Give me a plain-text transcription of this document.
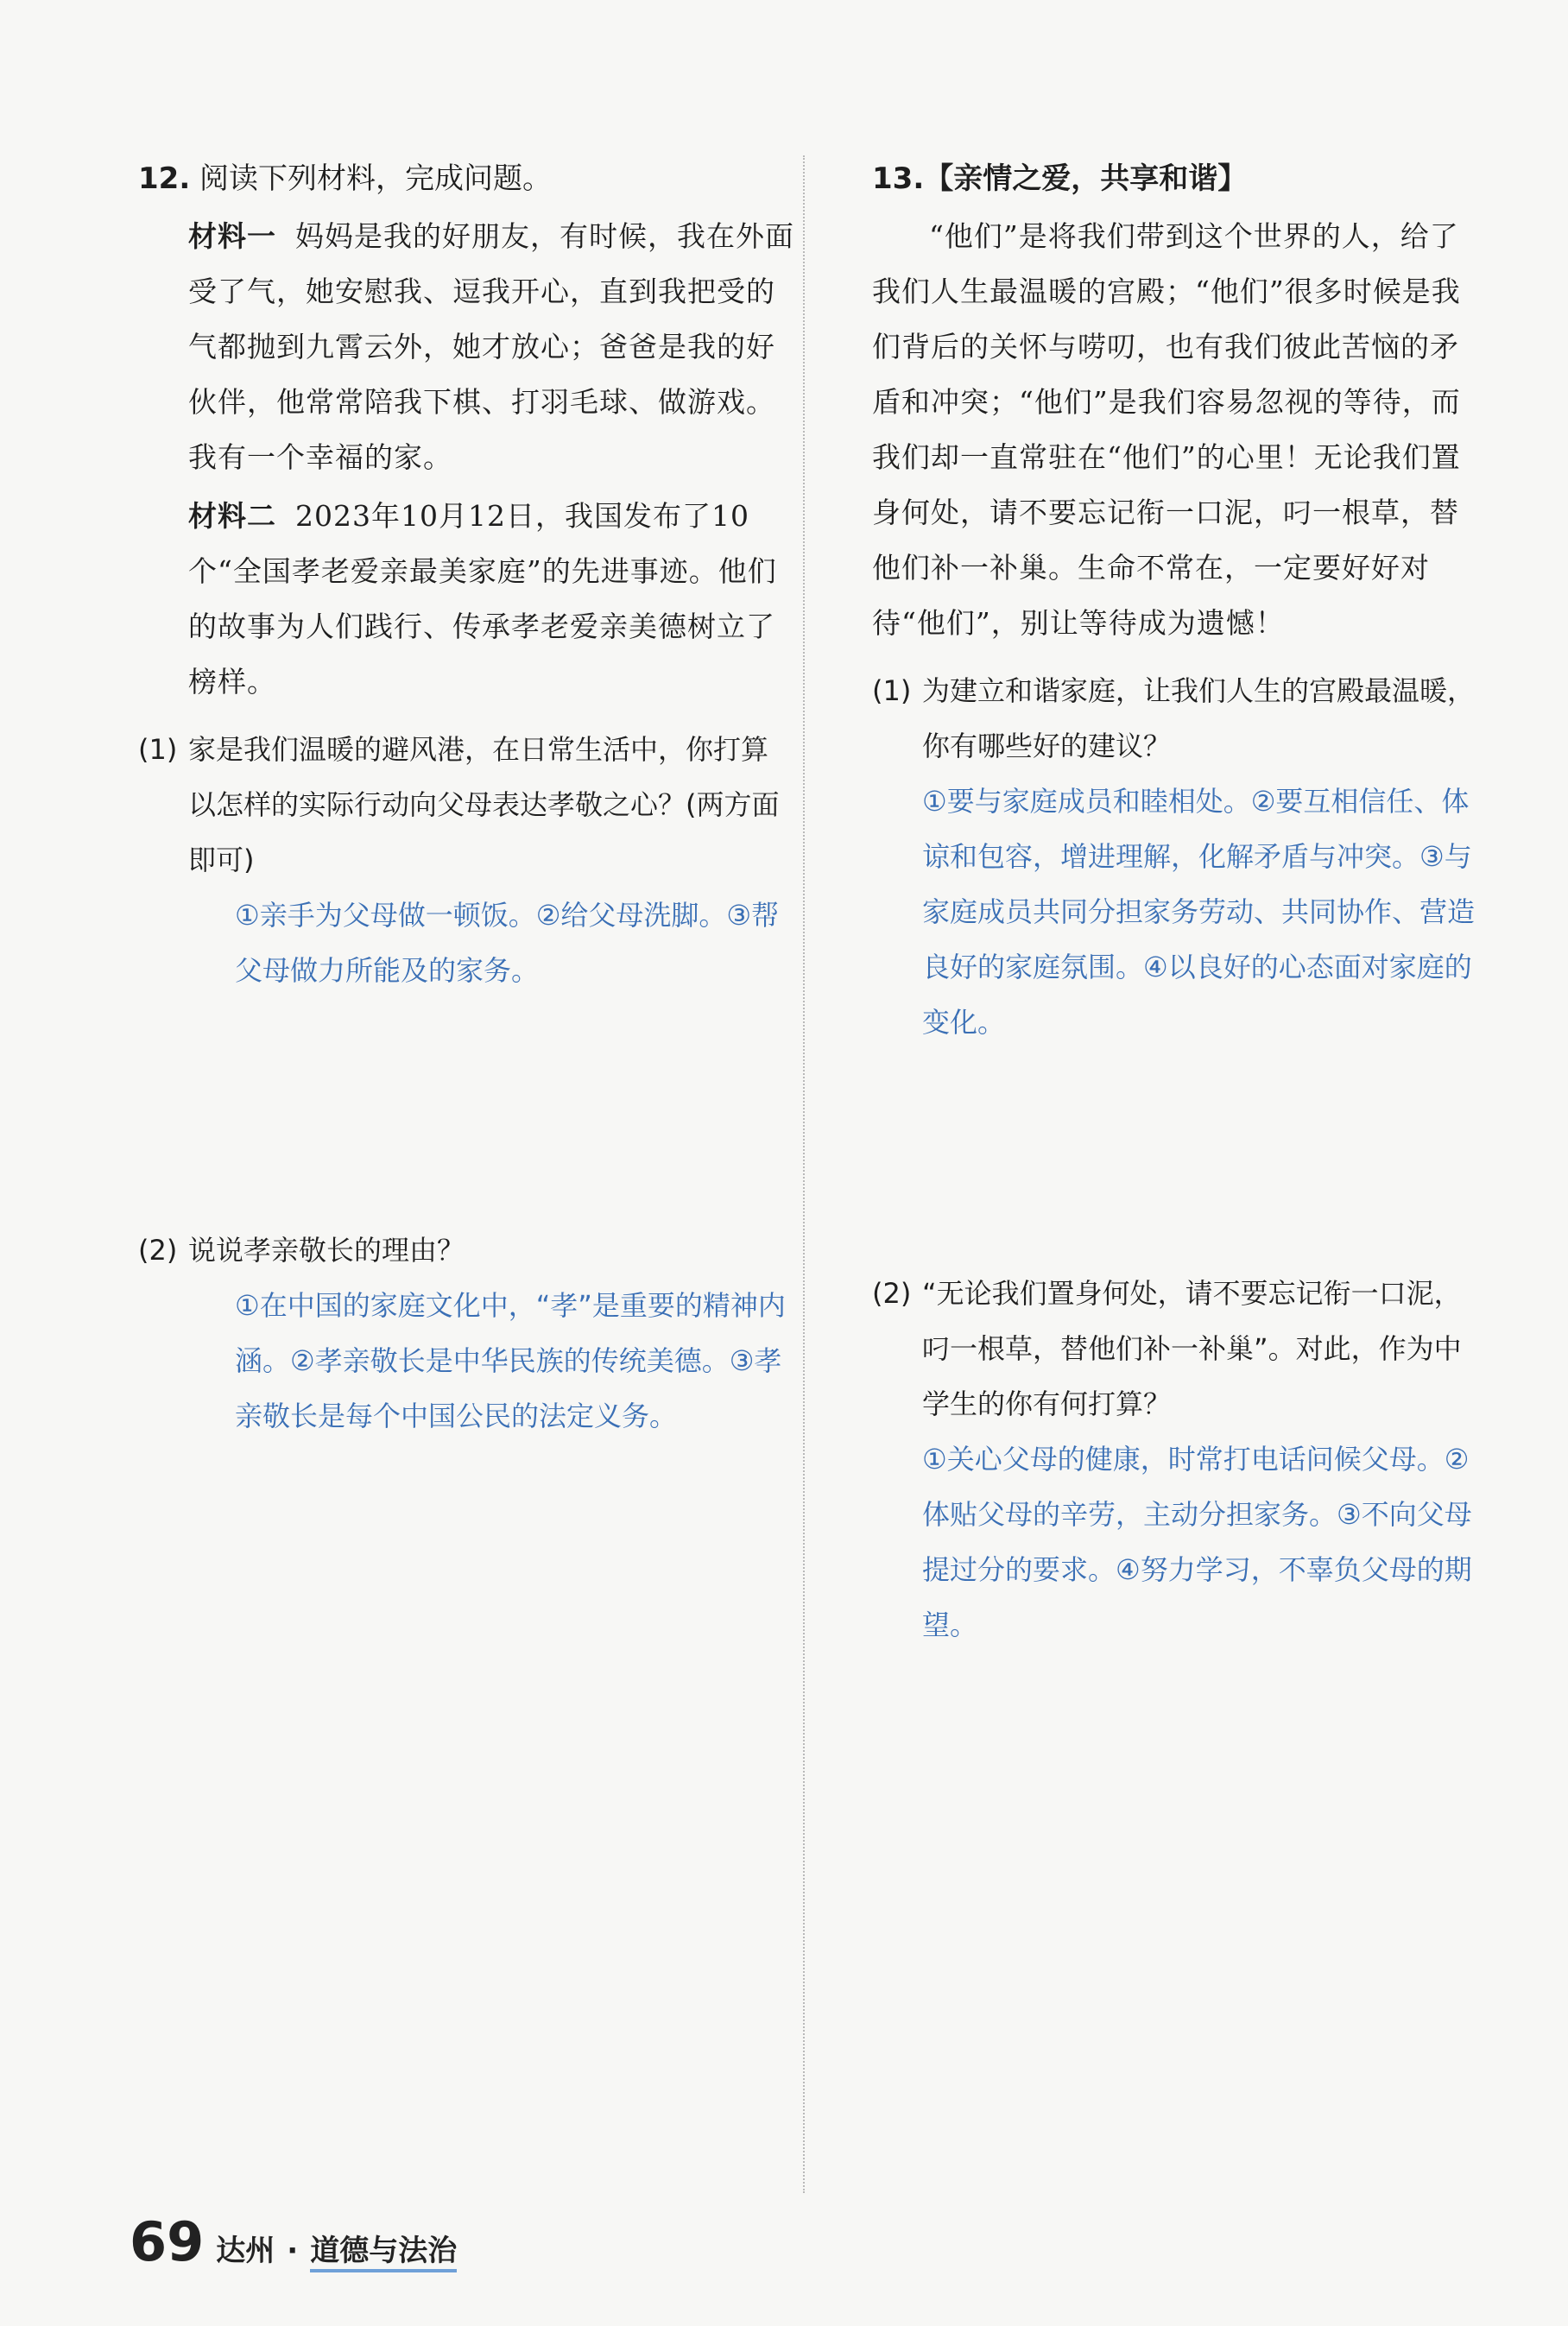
12. 阅读下列材料，完成问题。
材料一 妈妈是我的好朋友，有时候，我在外面受了气，她安慰我、逗我开心，直到我把受的气都抛到九霄云外，她才放心；爸爸是我的好伙伴，他常常陪我下棋、打羽毛球、做游戏。我有一个幸福的家。
材料二 2023年10月12日，我国发布了10个“全国孝老爱亲最美家庭”的先进事迹。他们的故事为人们践行、传承孝老爱亲美德树立了榜样。
(1) 家是我们温暖的避风港，在日常生活中，你打算以怎样的实际行动向父母表达孝敬之心？(两方面即可)
①亲手为父母做一顿饭。②给父母洗脚。③帮父母做力所能及的家务。
(2) 说说孝亲敬长的理由？
①在中国的家庭文化中，“孝”是重要的精神内涵。②孝亲敬长是中华民族的传统美德。③孝亲敬长是每个中国公民的法定义务。
13.【亲情之爱，共享和谐】
“他们”是将我们带到这个世界的人，给了我们人生最温暖的宫殿；“他们”很多时候是我们背后的关怀与唠叨，也有我们彼此苦恼的矛盾和冲突；“他们”是我们容易忽视的等待，而我们却一直常驻在“他们”的心里！无论我们置身何处，请不要忘记衔一口泥，叼一根草，替他们补一补巢。生命不常在，一定要好好对待“他们”，别让等待成为遗憾！
(1) 为建立和谐家庭，让我们人生的宫殿最温暖，你有哪些好的建议？
①要与家庭成员和睦相处。②要互相信任、体谅和包容，增进理解，化解矛盾与冲突。③与家庭成员共同分担家务劳动、共同协作、营造良好的家庭氛围。④以良好的心态面对家庭的变化。
(2) “无论我们置身何处，请不要忘记衔一口泥，叼一根草，替他们补一补巢”。对此，作为中学生的你有何打算？
①关心父母的健康，时常打电话问候父母。②体贴父母的辛劳，主动分担家务。③不向父母提过分的要求。④努力学习，不辜负父母的期望。
69 达州 · 道德与法治
